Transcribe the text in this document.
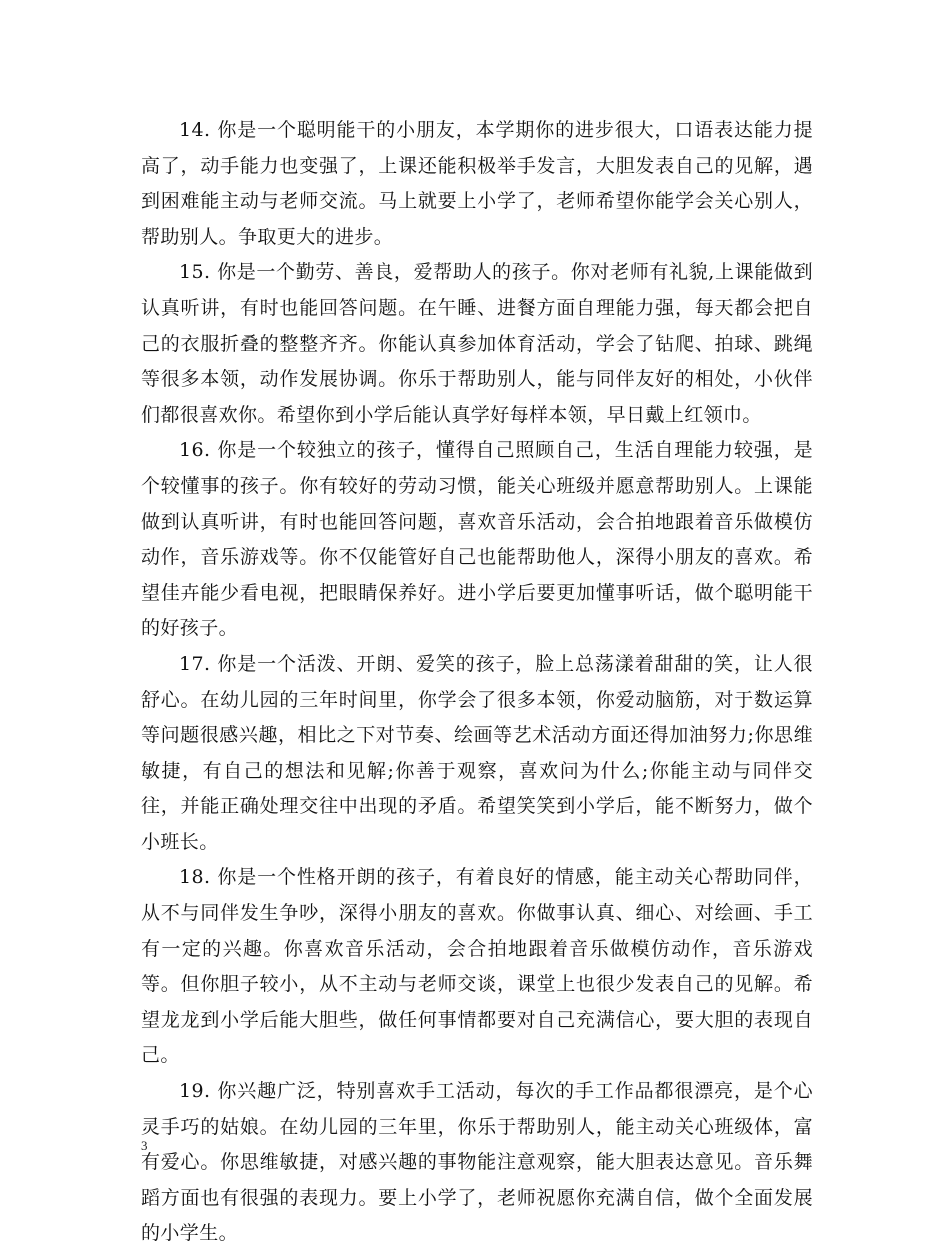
14. 你是一个聪明能干的小朋友，本学期你的进步很大，口语表达能力提高了，动手能力也变强了，上课还能积极举手发言，大胆发表自己的见解，遇到困难能主动与老师交流。马上就要上小学了，老师希望你能学会关心别人，帮助别人。争取更大的进步。

15. 你是一个勤劳、善良，爱帮助人的孩子。你对老师有礼貌,上课能做到认真听讲，有时也能回答问题。在午睡、进餐方面自理能力强，每天都会把自己的衣服折叠的整整齐齐。你能认真参加体育活动，学会了钻爬、拍球、跳绳等很多本领，动作发展协调。你乐于帮助别人，能与同伴友好的相处，小伙伴们都很喜欢你。希望你到小学后能认真学好每样本领，早日戴上红领巾。

16. 你是一个较独立的孩子，懂得自己照顾自己，生活自理能力较强，是个较懂事的孩子。你有较好的劳动习惯，能关心班级并愿意帮助别人。上课能做到认真听讲，有时也能回答问题，喜欢音乐活动，会合拍地跟着音乐做模仿动作，音乐游戏等。你不仅能管好自己也能帮助他人，深得小朋友的喜欢。希望佳卉能少看电视，把眼睛保养好。进小学后要更加懂事听话，做个聪明能干的好孩子。

17. 你是一个活泼、开朗、爱笑的孩子，脸上总荡漾着甜甜的笑，让人很舒心。在幼儿园的三年时间里，你学会了很多本领，你爱动脑筋，对于数运算等问题很感兴趣，相比之下对节奏、绘画等艺术活动方面还得加油努力;你思维敏捷，有自己的想法和见解;你善于观察，喜欢问为什么;你能主动与同伴交往，并能正确处理交往中出现的矛盾。希望笑笑到小学后，能不断努力，做个小班长。

18. 你是一个性格开朗的孩子，有着良好的情感，能主动关心帮助同伴，从不与同伴发生争吵，深得小朋友的喜欢。你做事认真、细心、对绘画、手工有一定的兴趣。你喜欢音乐活动，会合拍地跟着音乐做模仿动作，音乐游戏等。但你胆子较小，从不主动与老师交谈，课堂上也很少发表自己的见解。希望龙龙到小学后能大胆些，做任何事情都要对自己充满信心，要大胆的表现自己。

19. 你兴趣广泛，特别喜欢手工活动，每次的手工作品都很漂亮，是个心灵手巧的姑娘。在幼儿园的三年里，你乐于帮助别人，能主动关心班级体，富有爱心。你思维敏捷，对感兴趣的事物能注意观察，能大胆表达意见。音乐舞蹈方面也有很强的表现力。要上小学了，老师祝愿你充满自信，做个全面发展的小学生。

3
